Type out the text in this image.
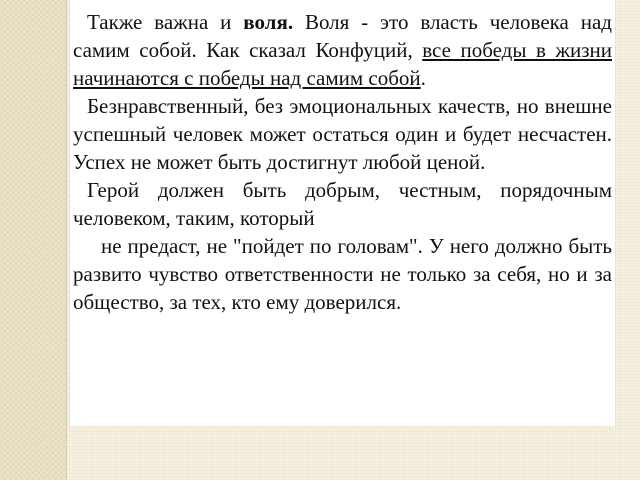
Также важна и воля. Воля - это власть человека над самим собой. Как сказал Конфуций, все победы в жизни начинаются с победы над самим собой.

Безнравственный, без эмоциональных качеств, но внешне успешный человек может остаться один и будет несчастен. Успех не может быть достигнут любой ценой.

Герой должен быть добрым, честным, порядочным человеком, таким, который

не предаст, не "пойдет по головам". У него должно быть развито чувство ответственности не только за себя, но и за общество, за тех, кто ему доверился.
